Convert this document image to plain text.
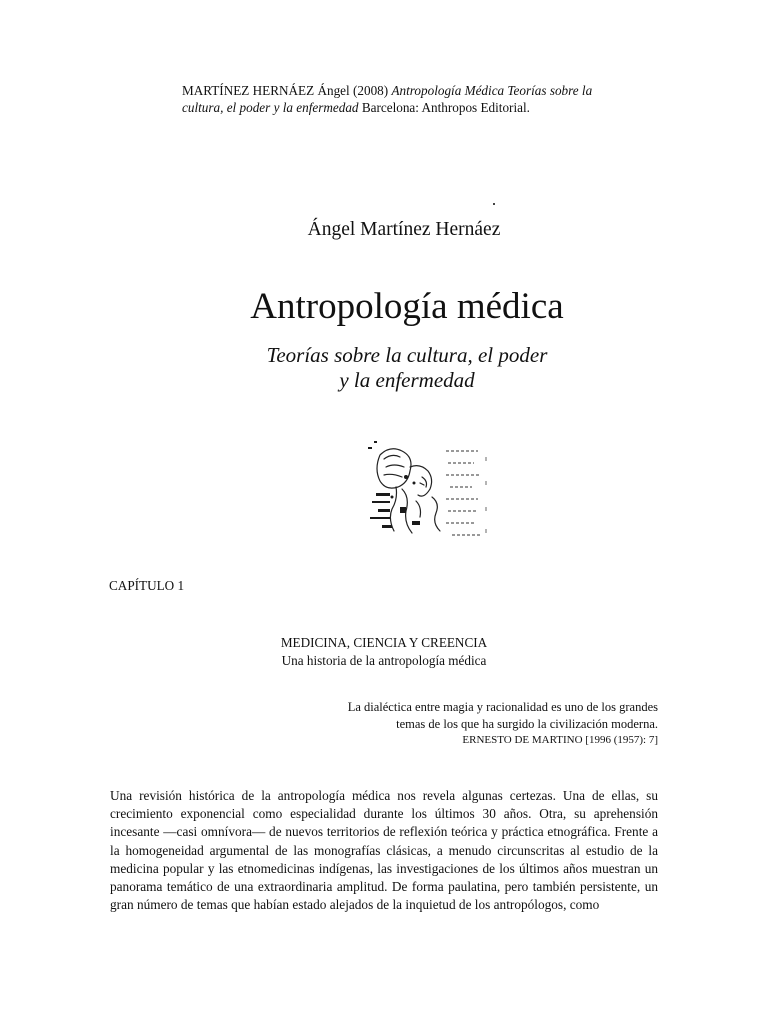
MARTÍNEZ HERNÁEZ Ángel (2008) Antropología Médica Teorías sobre la cultura, el poder y la enfermedad Barcelona: Anthropos Editorial.
Ángel Martínez Hernáez
Antropología médica
Teorías sobre la cultura, el poder
y la enfermedad
CAPÍTULO 1
MEDICINA, CIENCIA Y CREENCIA
Una historia de la antropología médica
La dialéctica entre magia y racionalidad es uno de los grandes
temas de los que ha surgido la civilización moderna.
ERNESTO DE MARTINO [1996 (1957): 7]

Una revisión histórica de la antropología médica nos revela algunas certezas. Una de ellas, su crecimiento exponencial como especialidad durante los últimos 30 años. Otra, su aprehensión incesante —casi omnívora— de nuevos territorios de reflexión teórica y práctica etnográfica. Frente a la homogeneidad argumental de las monografías clásicas, a menudo circunscritas al estudio de la medicina popular y las etnomedicinas indígenas, las investigaciones de los últimos años muestran un panorama temático de una extraordinaria amplitud. De forma paulatina, pero también persistente, un gran número de temas que habían estado alejados de la inquietud de los antropólogos, como
